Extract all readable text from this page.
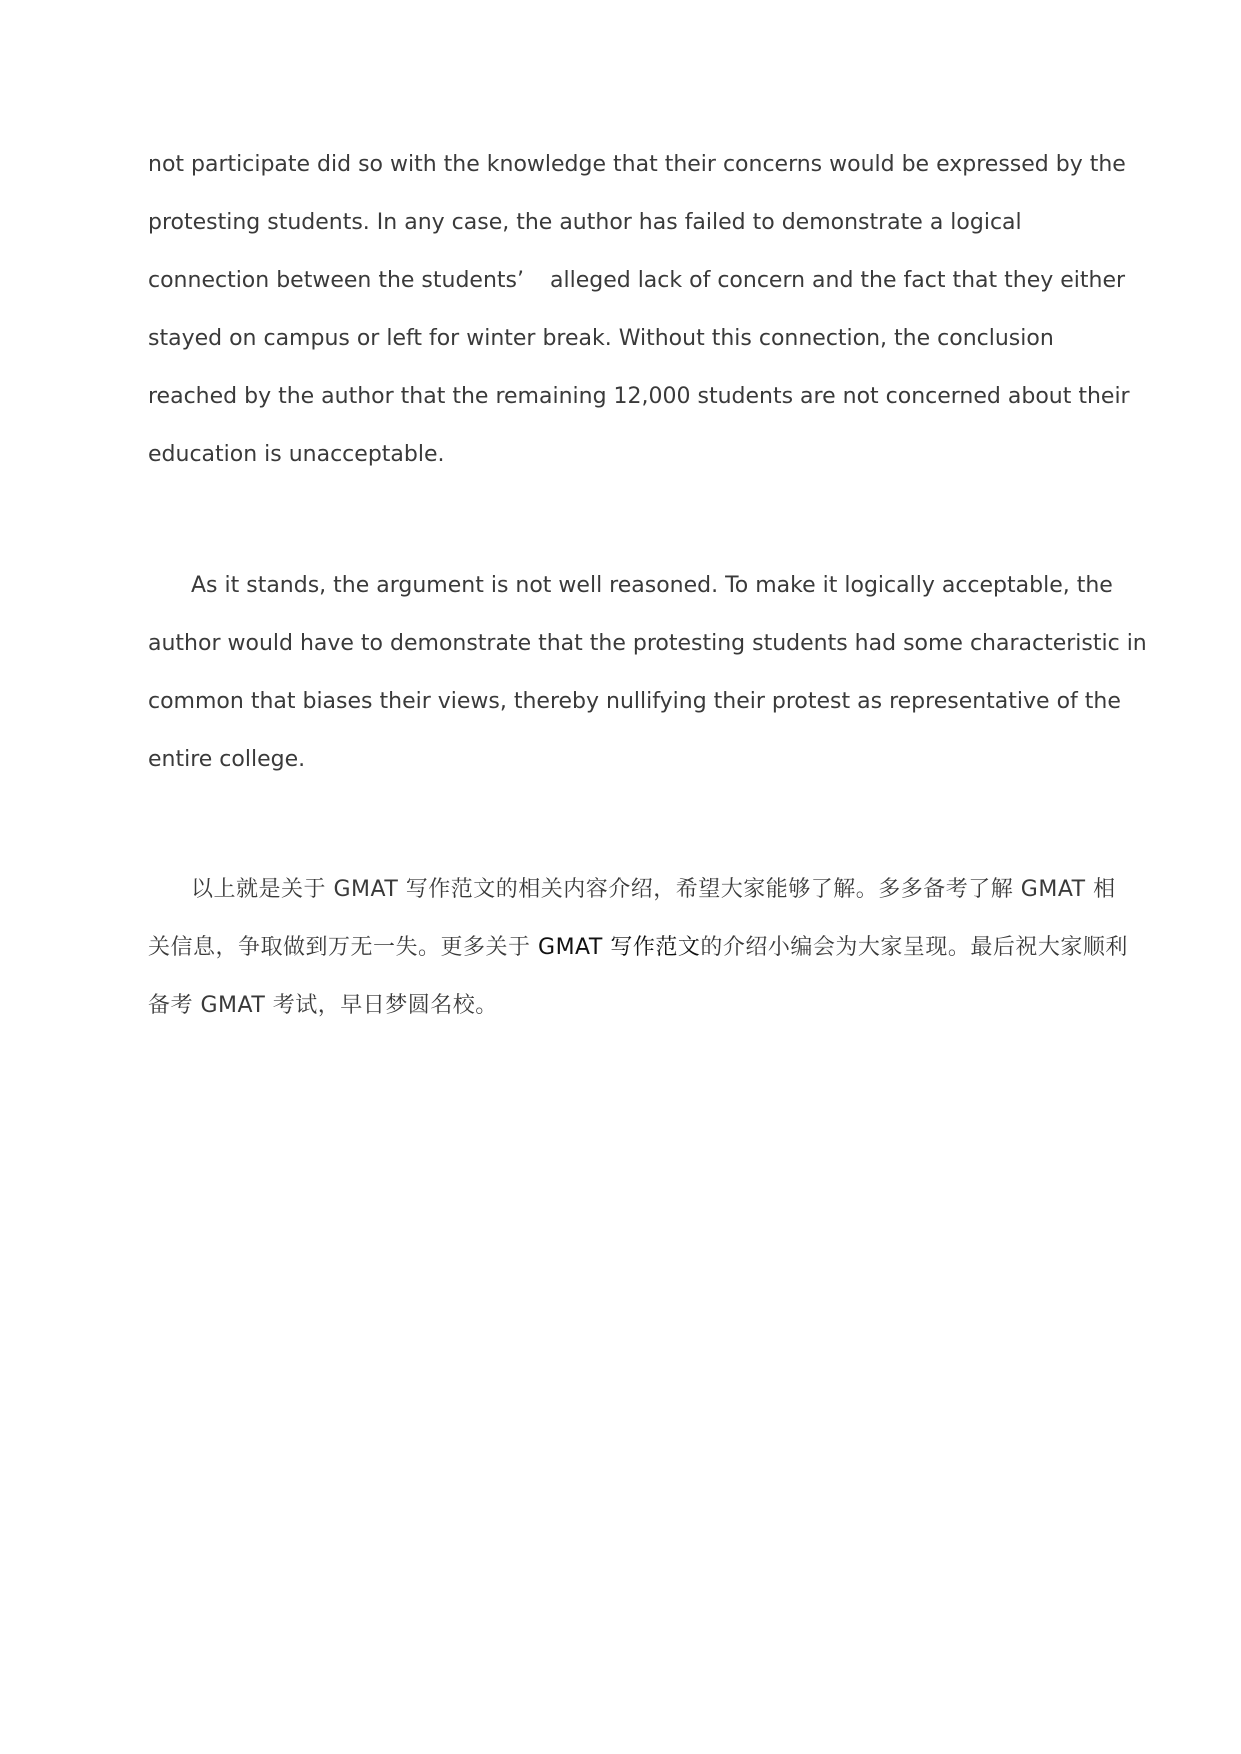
not participate did so with the knowledge that their concerns would be expressed by the
protesting students. In any case, the author has failed to demonstrate a logical
connection between the students’ alleged lack of concern and the fact that they either
stayed on campus or left for winter break. Without this connection, the conclusion
reached by the author that the remaining 12,000 students are not concerned about their
education is unacceptable.
As it stands, the argument is not well reasoned. To make it logically acceptable, the
author would have to demonstrate that the protesting students had some characteristic in
common that biases their views, thereby nullifying their protest as representative of the
entire college.
以上就是关于 GMAT 写作范文的相关内容介绍，希望大家能够了解。多多备考了解 GMAT 相
关信息，争取做到万无一失。更多关于 GMAT 写作范文的介绍小编会为大家呈现。最后祝大家顺利
备考 GMAT 考试，早日梦圆名校。
